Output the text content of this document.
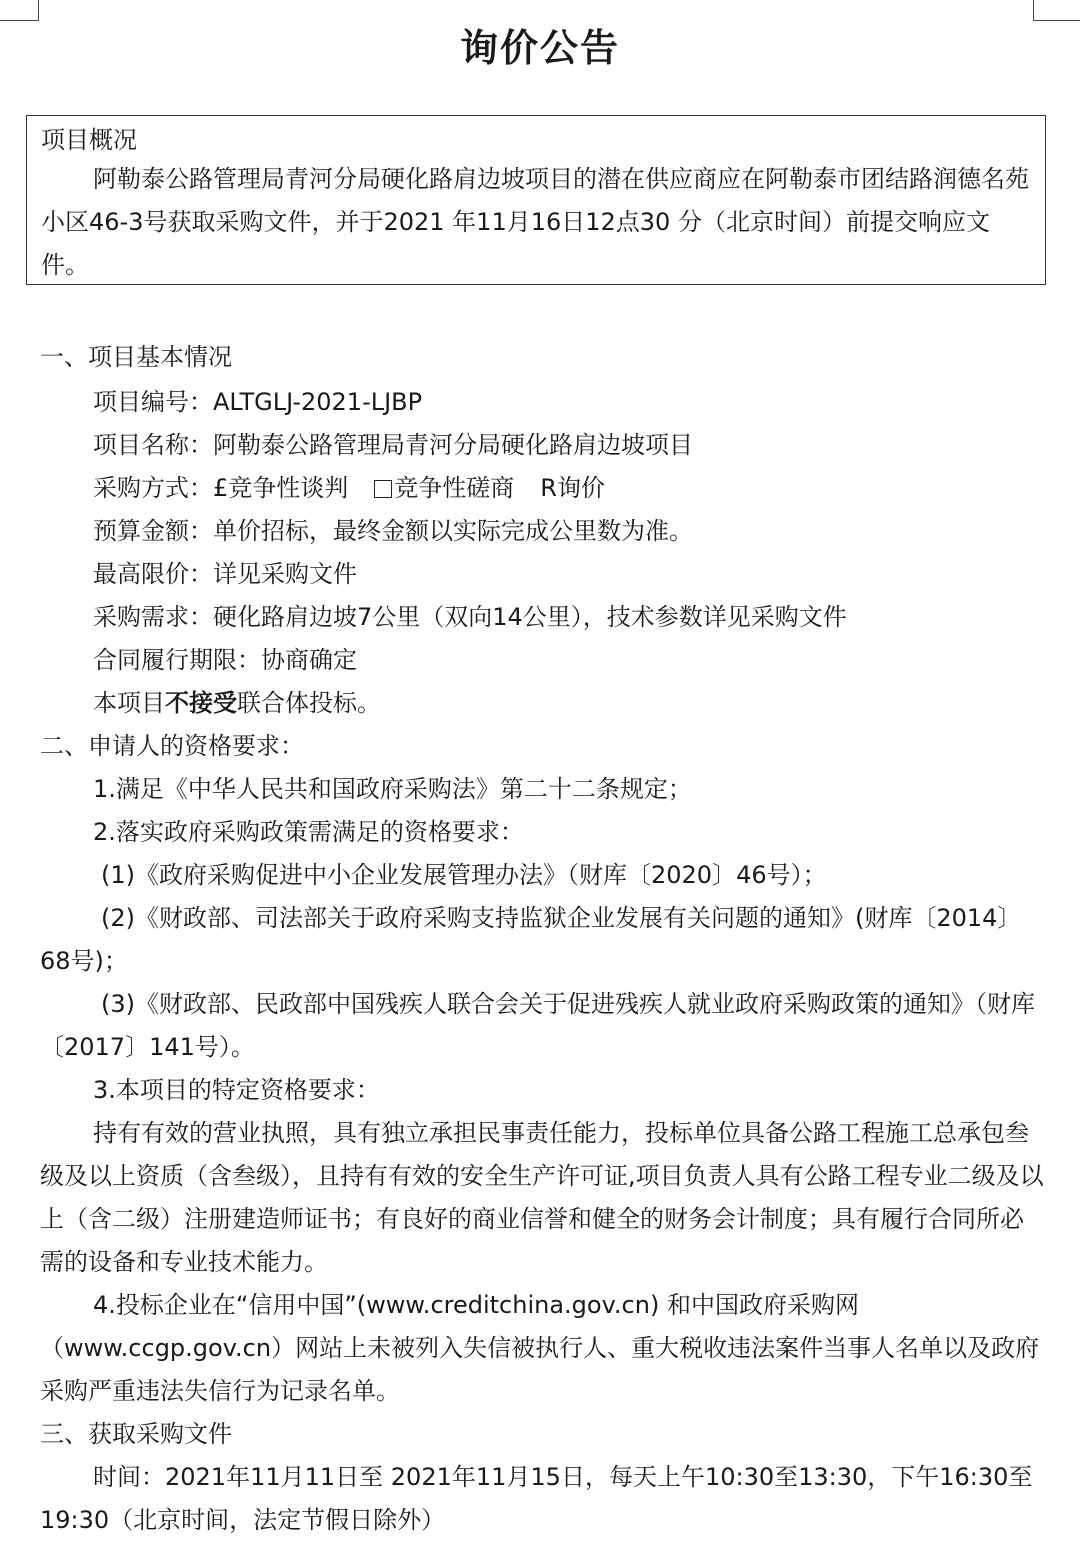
询价公告
项目概况
阿勒泰公路管理局青河分局硬化路肩边坡项目的潜在供应商应在阿勒泰市团结路润德名苑小区46-3号获取采购文件，并于2021 年11月16日12点30 分（北京时间）前提交响应文件。
一、项目基本情况
项目编号：ALTGLJ-2021-LJBP
项目名称：阿勒泰公路管理局青河分局硬化路肩边坡项目
采购方式：£竞争性谈判 竞争性磋商 R询价
预算金额：单价招标，最终金额以实际完成公里数为准。
最高限价：详见采购文件
采购需求：硬化路肩边坡7公里（双向14公里），技术参数详见采购文件
合同履行期限：协商确定
本项目不接受联合体投标。
二、申请人的资格要求：
1.满足《中华人民共和国政府采购法》第二十二条规定；
2.落实政府采购政策需满足的资格要求：
(1)《政府采购促进中小企业发展管理办法》（财库〔2020〕46号）；
(2)《财政部、司法部关于政府采购支持监狱企业发展有关问题的通知》(财库〔2014〕68号)；
(3)《财政部、民政部中国残疾人联合会关于促进残疾人就业政府采购政策的通知》（财库〔2017〕141号）。
3.本项目的特定资格要求：
持有有效的营业执照，具有独立承担民事责任能力，投标单位具备公路工程施工总承包叁级及以上资质（含叁级），且持有有效的安全生产许可证,项目负责人具有公路工程专业二级及以上（含二级）注册建造师证书；有良好的商业信誉和健全的财务会计制度；具有履行合同所必需的设备和专业技术能力。
4.投标企业在“信用中国”(www.creditchina.gov.cn) 和中国政府采购网（www.ccgp.gov.cn）网站上未被列入失信被执行人、重大税收违法案件当事人名单以及政府采购严重违法失信行为记录名单。
三、获取采购文件
时间：2021年11月11日至 2021年11月15日，每天上午10:30至13:30，下午16:30至19:30（北京时间，法定节假日除外）
